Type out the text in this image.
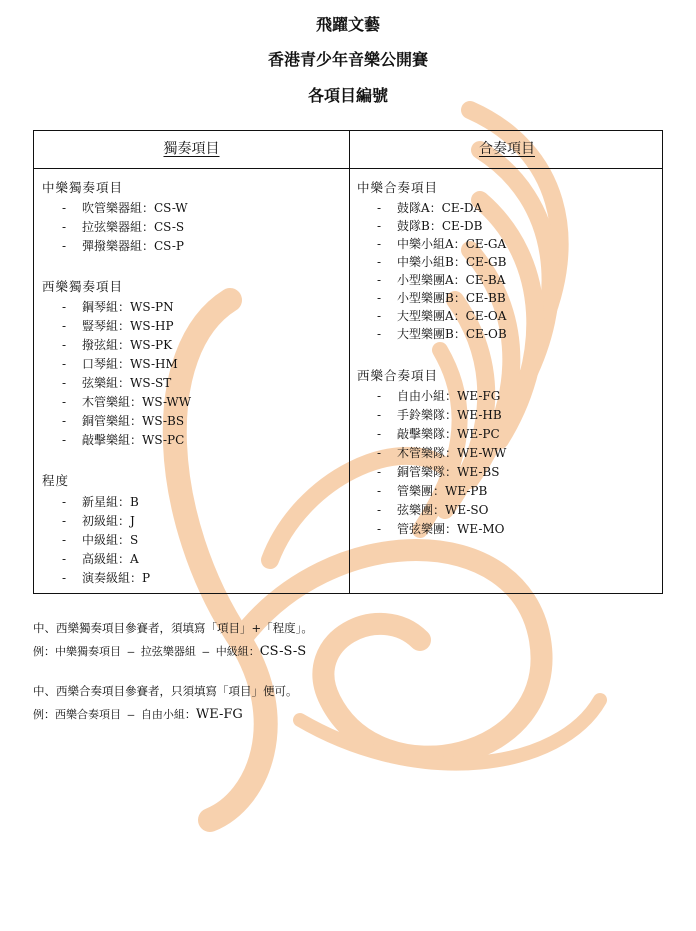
飛躍文藝
香港青少年音樂公開賽
各項目編號
獨奏項目	合奏項目
中樂獨奏項目
- 吹管樂器組：CS-W
- 拉弦樂器組：CS-S
- 彈撥樂器組：CS-P
西樂獨奏項目
- 鋼琴組：WS-PN
- 豎琴組：WS-HP
- 撥弦組：WS-PK
- 口琴組：WS-HM
- 弦樂組：WS-ST
- 木管樂組：WS-WW
- 銅管樂組：WS-BS
- 敲擊樂組：WS-PC
程度
- 新星組：B
- 初級組：J
- 中級組：S
- 高級組：A
- 演奏級組：P
中樂合奏項目
- 鼓隊A：CE-DA
- 鼓隊B：CE-DB
- 中樂小組A：CE-GA
- 中樂小組B：CE-GB
- 小型樂團A：CE-BA
- 小型樂團B：CE-BB
- 大型樂團A：CE-OA
- 大型樂團B：CE-OB
西樂合奏項目
- 自由小組：WE-FG
- 手鈴樂隊：WE-HB
- 敲擊樂隊：WE-PC
- 木管樂隊：WE-WW
- 銅管樂隊：WE-BS
- 管樂團：WE-PB
- 弦樂團：WE-SO
- 管弦樂團：WE-MO
中、西樂獨奏項目參賽者，須填寫「項目」+「程度」。
例：中樂獨奏項目 – 拉弦樂器組 – 中級組：CS-S-S
中、西樂合奏項目參賽者，只須填寫「項目」便可。
例：西樂合奏項目 – 自由小組：WE-FG
